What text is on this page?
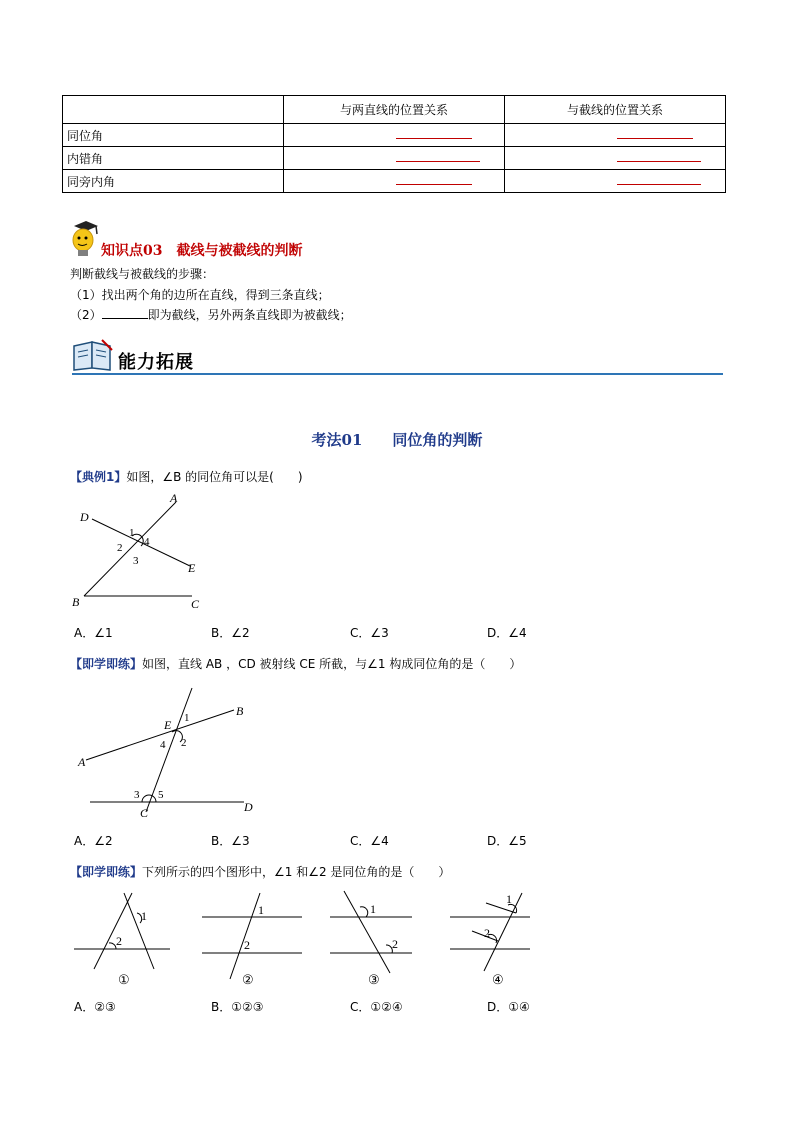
	与两直线的位置关系	与截线的位置关系
同位角		
内错角		
同旁内角		
知识点03　截线与被截线的判断
判断截线与被截线的步骤：
（1）找出两个角的边所在直线，得到三条直线；
（2）	即为截线，另外两条直线即为被截线；
能力拓展
考法01　　同位角的判断
【典例1】如图，∠B 的同位角可以是(　　)
D
A
E
B	C
1
2
3
4
A．∠1	B．∠2	C．∠3	D．∠4
【即学即练】如图，直线 AB ，CD 被射线 CE 所截，与∠1 构成同位角的是（　　）
B
E
A
C	D
1
2
4
3 5
A．∠2	B．∠3	C．∠4	D．∠5
【即学即练】下列所示的四个图形中，∠1 和∠2 是同位角的是（　　）
1
2
①
1
2
②
1
2
③
1
2
④
A．②③	B．①②③	C．①②④	D．①④
